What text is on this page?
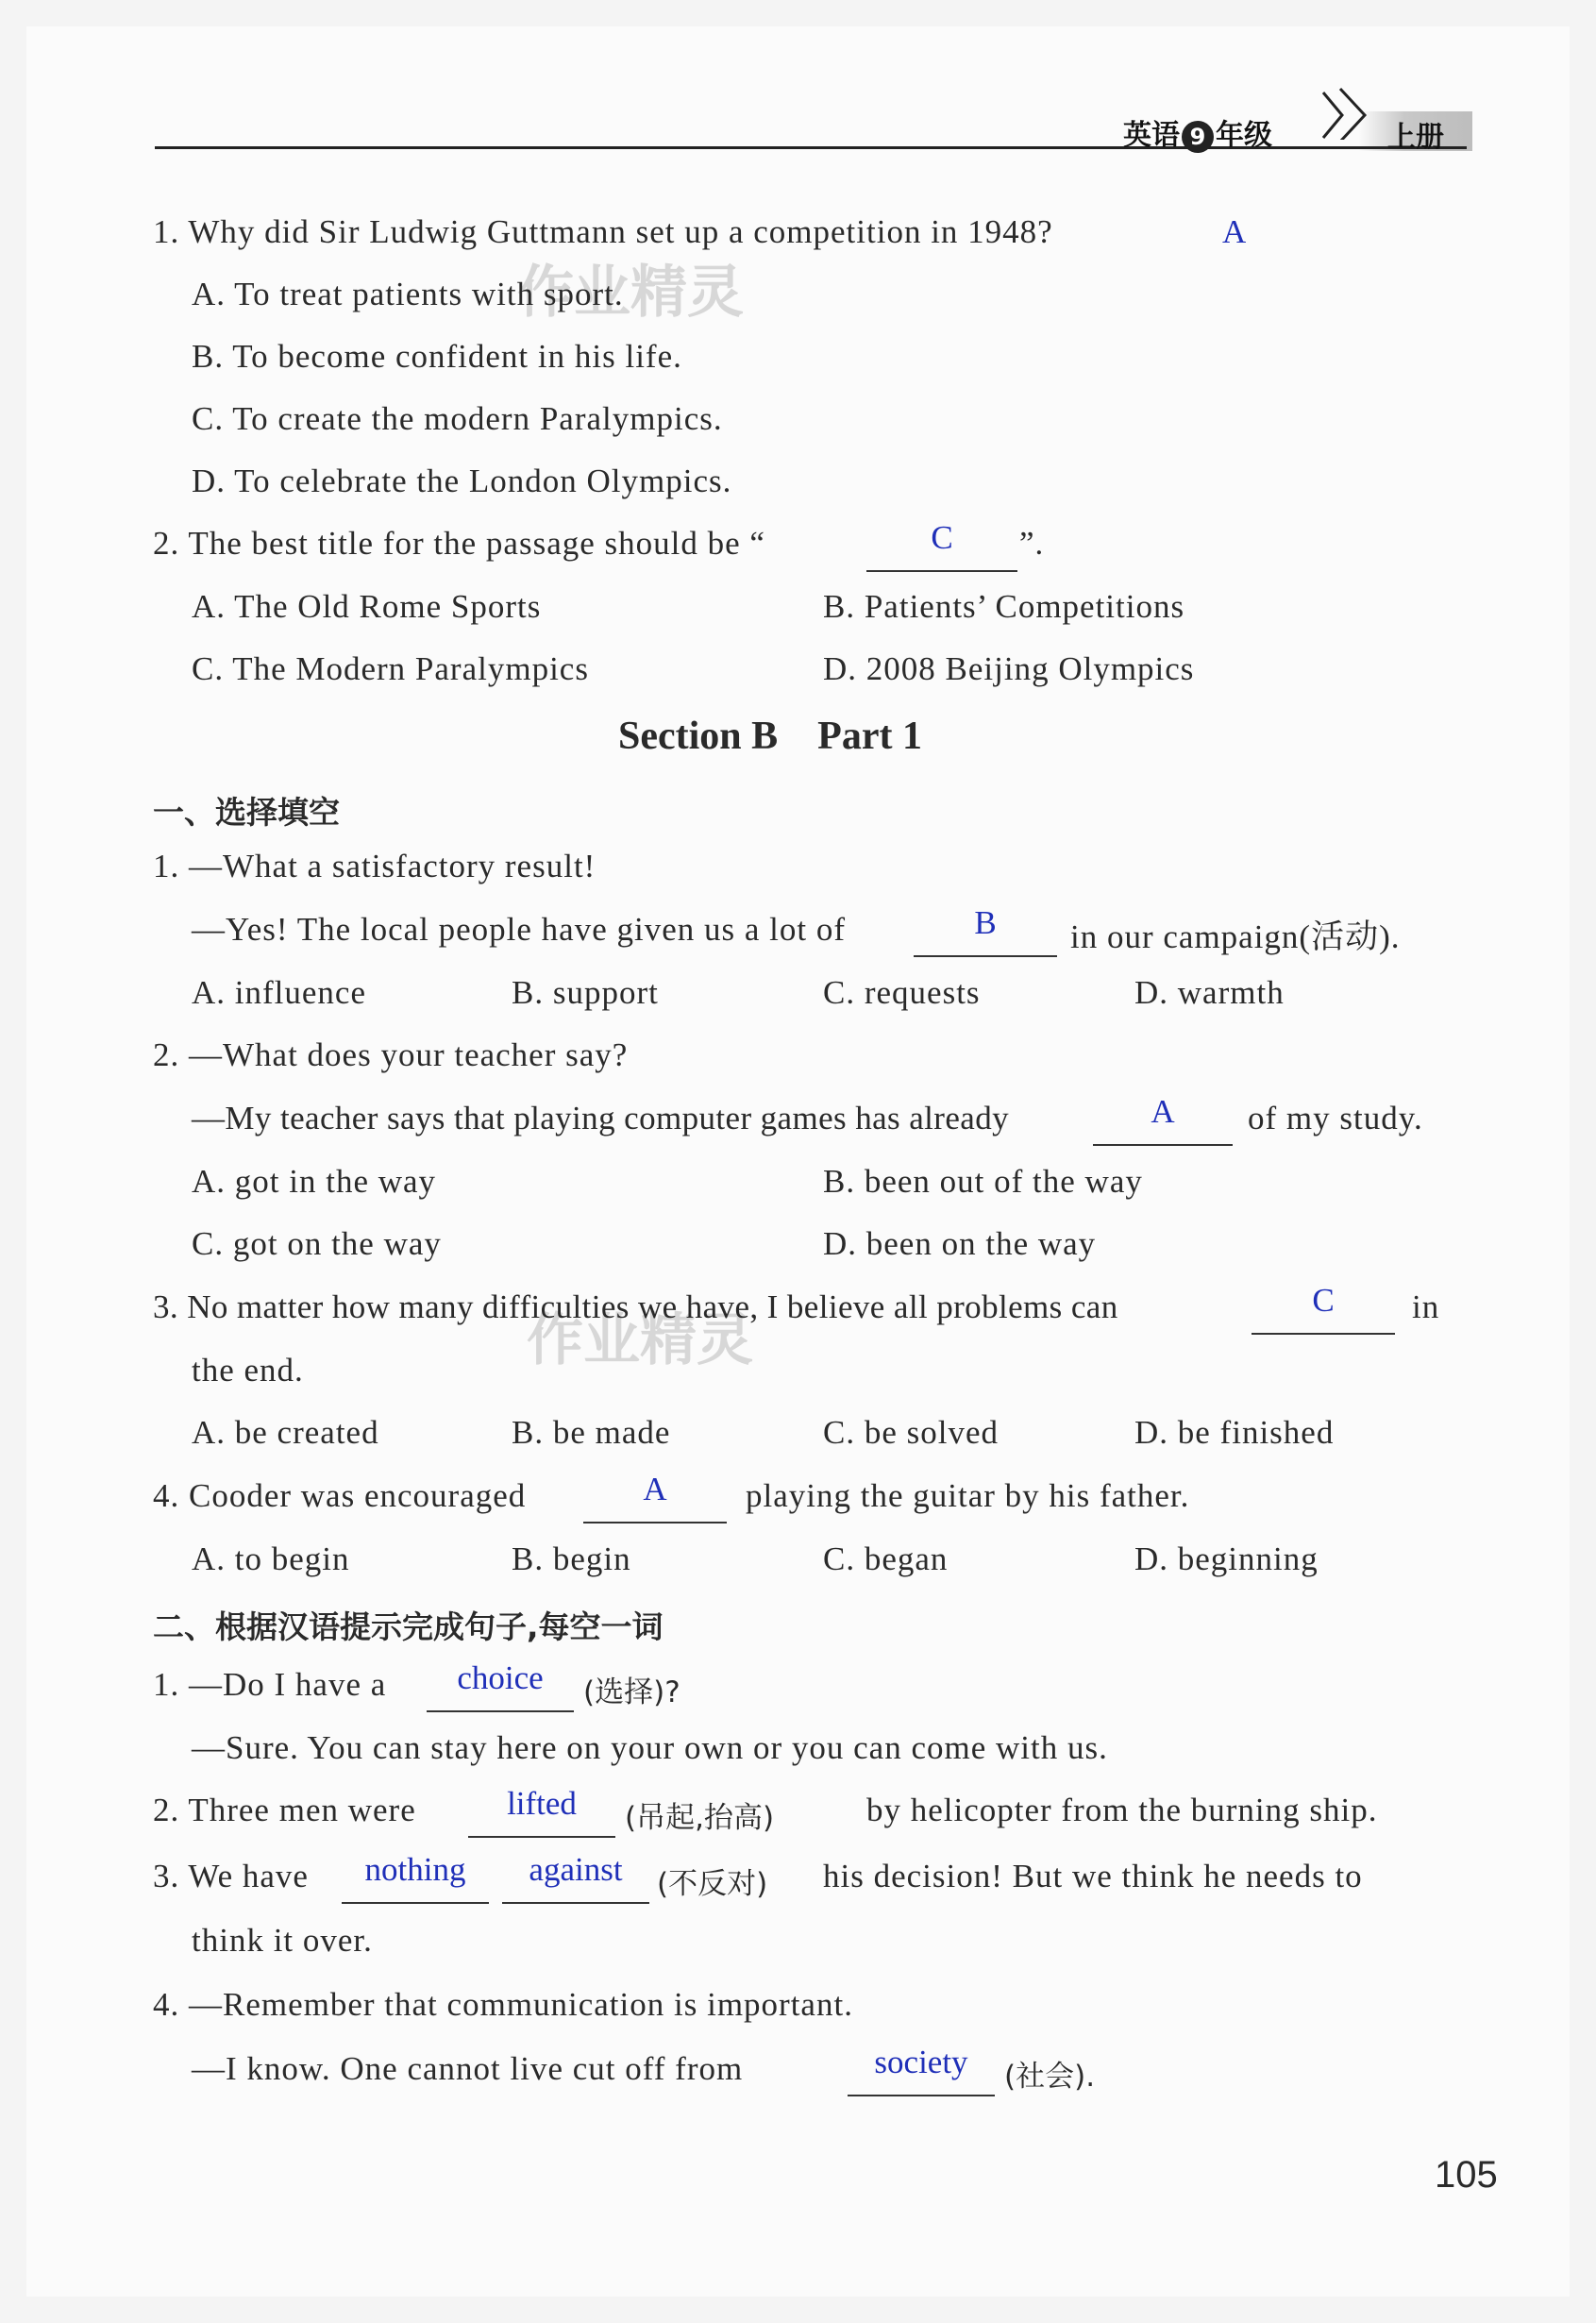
英语 9 年级	上册
作业精灵
作业精灵
1. Why did Sir Ludwig Guttmann set up a competition in 1948?	A
A. To treat patients with sport.
B. To become confident in his life.
C. To create the modern Paralympics.
D. To celebrate the London Olympics.
2. The best title for the passage should be “	C	”.
A. The Old Rome Sports	B. Patients’ Competitions
C. The Modern Paralympics	D. 2008 Beijing Olympics
Section B    Part 1
一、选择填空
1. —What a satisfactory result!
—Yes! The local people have given us a lot of	B	in our campaign(活动).
A. influence	B. support	C. requests	D. warmth
2. —What does your teacher say?
—My teacher says that playing computer games has already	A	of my study.
A. got in the way	B. been out of the way
C. got on the way	D. been on the way
3. No matter how many difficulties we have, I believe all problems can	C	in
the end.
A. be created	B. be made	C. be solved	D. be finished
4. Cooder was encouraged	A	playing the guitar by his father.
A. to begin	B. begin	C. began	D. beginning
二、根据汉语提示完成句子,每空一词
1. —Do I have a	choice	(选择)?
—Sure. You can stay here on your own or you can come with us.
2. Three men were	lifted	(吊起,抬高)	by helicopter from the burning ship.
3. We have	nothing	against	(不反对) his decision! But we think he needs to
think it over.
4. —Remember that communication is important.
—I know. One cannot live cut off from	society	(社会).
105
